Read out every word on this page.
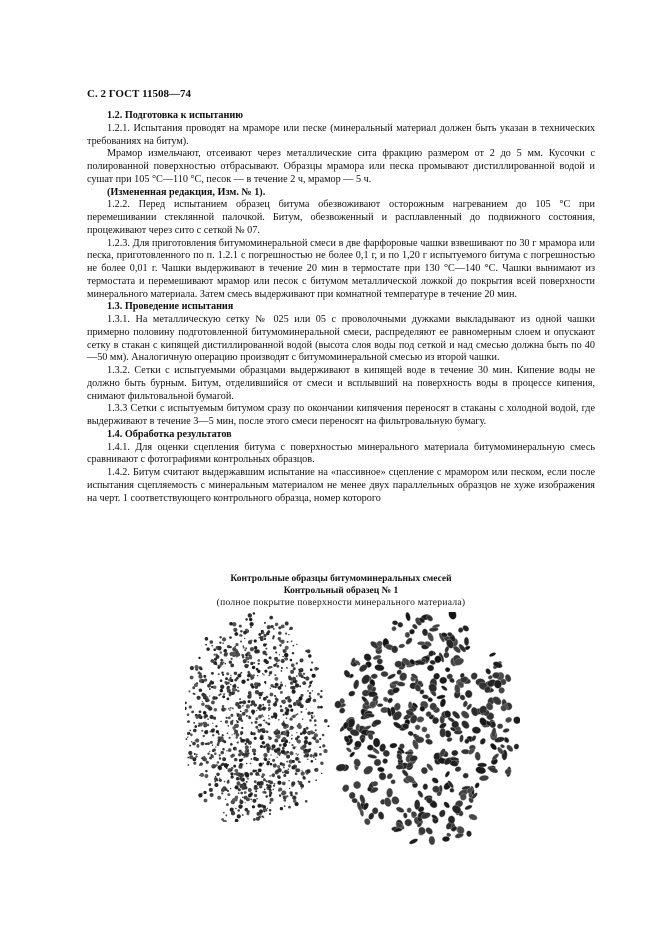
С. 2 ГОСТ 11508—74

1.2. Подготовка к испытанию

1.2.1. Испытания проводят на мраморе или песке (минеральный материал должен быть указан в технических требованиях на битум).

Мрамор измельчают, отсеивают через металлические сита фракцию размером от 2 до 5 мм. Кусочки с полированной поверхностью отбрасывают. Образцы мрамора или песка промывают дистиллированной водой и сушат при 105 °С—110 °С, песок — в течение 2 ч, мрамор — 5 ч.

(Измененная редакция, Изм. № 1).

1.2.2. Перед испытанием образец битума обезвоживают осторожным нагреванием до 105 °С при перемешивании стеклянной палочкой. Битум, обезвоженный и расплавленный до подвижного состояния, процеживают через сито с сеткой № 07.

1.2.3. Для приготовления битумоминеральной смеси в две фарфоровые чашки взвешивают по 30 г мрамора или песка, приготовленного по п. 1.2.1 с погрешностью не более 0,1 г, и по 1,20 г испытуемого битума с погрешностью не более 0,01 г. Чашки выдерживают в течение 20 мин в термостате при 130 °С—140 °С. Чашки вынимают из термостата и перемешивают мрамор или песок с битумом металлической ложкой до покрытия всей поверхности минерального материала. Затем смесь выдерживают при комнатной температуре в течение 20 мин.

1.3. Проведение испытания

1.3.1. На металлическую сетку № 025 или 05 с проволочными дужками выкладывают из одной чашки примерно половину подготовленной битумоминеральной смеси, распределяют ее равномерным слоем и опускают сетку в стакан с кипящей дистиллированной водой (высота слоя воды под сеткой и над смесью должна быть по 40—50 мм). Аналогичную операцию производят с битумоминеральной смесью из второй чашки.

1.3.2. Сетки с испытуемыми образцами выдерживают в кипящей воде в течение 30 мин. Кипение воды не должно быть бурным. Битум, отделившийся от смеси и всплывший на поверхность воды в процессе кипения, снимают фильтовальной бумагой.

1.3.3 Сетки с испытуемым битумом сразу по окончании кипячения переносят в стаканы с холодной водой, где выдерживают в течение 3—5 мин, после этого смеси переносят на фильтровальную бумагу.

1.4. Обработка результатов

1.4.1. Для оценки сцепления битума с поверхностью минерального материала битумоминеральную смесь сравнивают с фотографиями контрольных образцов.

1.4.2. Битум считают выдержавшим испытание на «пассивное» сцепление с мрамором или песком, если после испытания сцепляемость с минеральным материалом не менее двух параллельных образцов не хуже изображения на черт. 1 соответствующего контрольного образца, номер которого

Контрольные образцы битумоминеральных смесей
Контрольный образец № 1
(полное покрытие поверхности минерального материала)
